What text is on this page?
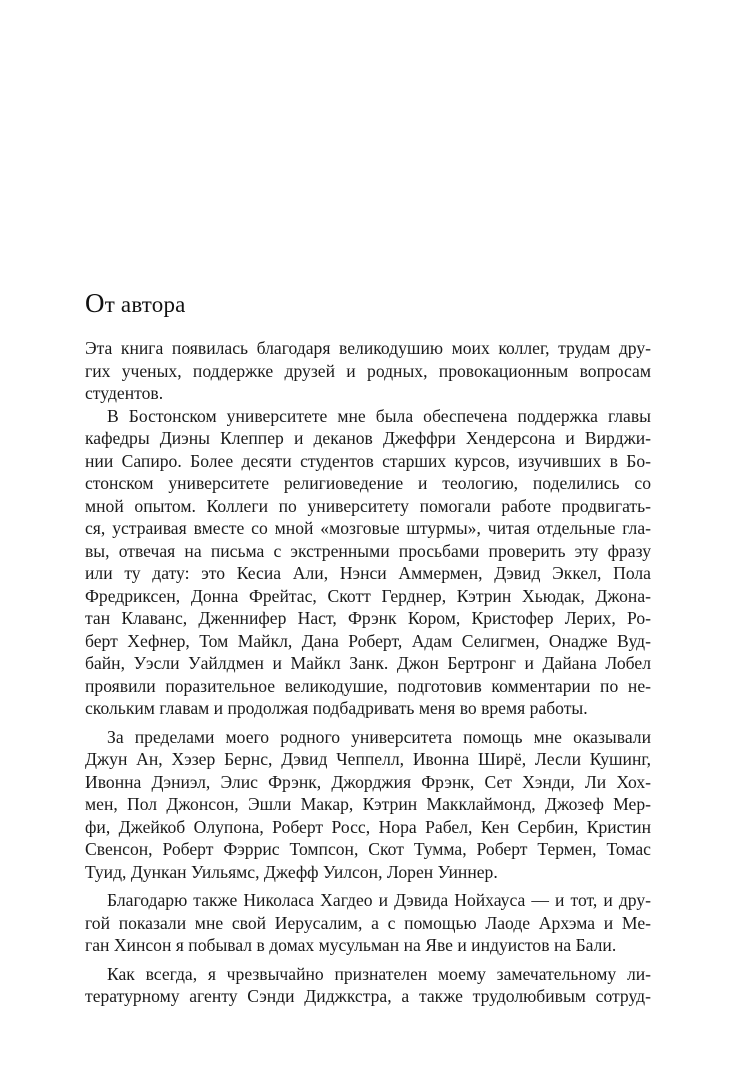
От автора
Эта книга появилась благодаря великодушию моих коллег, трудам дру-
гих ученых, поддержке друзей и родных, провокационным вопросам
студентов.
В Бостонском университете мне была обеспечена поддержка главы
кафедры Диэны Клеппер и деканов Джеффри Хендерсона и Вирджи-
нии Сапиро. Более десяти студентов старших курсов, изучивших в Бо-
стонском университете религиоведение и теологию, поделились со
мной опытом. Коллеги по университету помогали работе продвигать-
ся, устраивая вместе со мной «мозговые штурмы», читая отдельные гла-
вы, отвечая на письма с экстренными просьбами проверить эту фразу
или ту дату: это Кесиа Али, Нэнси Аммермен, Дэвид Эккел, Пола
Фредриксен, Донна Фрейтас, Скотт Герднер, Кэтрин Хьюдак, Джона-
тан Клаванс, Дженнифер Наст, Фрэнк Кором, Кристофер Лерих, Ро-
берт Хефнер, Том Майкл, Дана Роберт, Адам Селигмен, Онадже Вуд-
байн, Уэсли Уайлдмен и Майкл Занк. Джон Бертронг и Дайана Лобел
проявили поразительное великодушие, подготовив комментарии по не-
скольким главам и продолжая подбадривать меня во время работы.
За пределами моего родного университета помощь мне оказывали
Джун Ан, Хэзер Бернс, Дэвид Чеппелл, Ивонна Ширё, Лесли Кушинг,
Ивонна Дэниэл, Элис Фрэнк, Джорджия Фрэнк, Сет Хэнди, Ли Хох-
мен, Пол Джонсон, Эшли Макар, Кэтрин Макклаймонд, Джозеф Мер-
фи, Джейкоб Олупона, Роберт Росс, Нора Рабел, Кен Сербин, Кристин
Свенсон, Роберт Фэррис Томпсон, Скот Тумма, Роберт Термен, Томас
Туид, Дункан Уильямс, Джефф Уилсон, Лорен Уиннер.
Благодарю также Николаса Хагдео и Дэвида Нойхауса — и тот, и дру-
гой показали мне свой Иерусалим, а с помощью Лаоде Архэма и Ме-
ган Хинсон я побывал в домах мусульман на Яве и индуистов на Бали.
Как всегда, я чрезвычайно признателен моему замечательному ли-
тературному агенту Сэнди Диджкстра, а также трудолюбивым сотруд-
